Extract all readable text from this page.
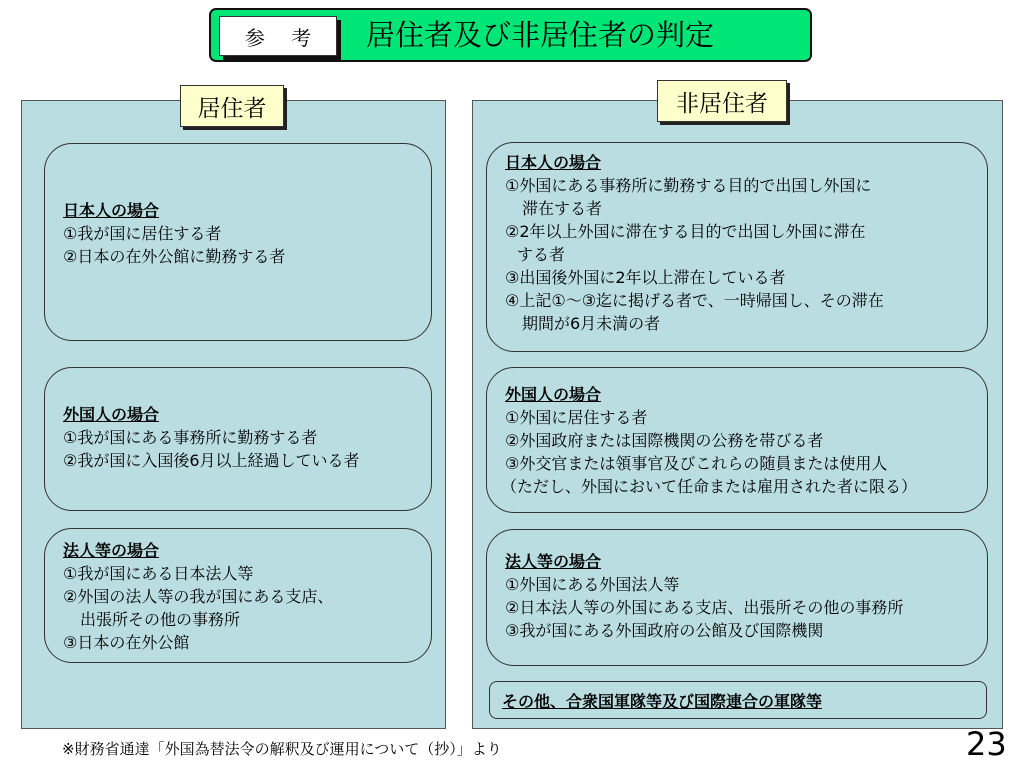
参 考	居住者及び非居住者の判定
居住者
日本人の場合
①我が国に居住する者
②日本の在外公館に勤務する者
外国人の場合
①我が国にある事務所に勤務する者
②我が国に入国後6月以上経過している者
法人等の場合
①我が国にある日本法人等
②外国の法人等の我が国にある支店、
出張所その他の事務所
③日本の在外公館
非居住者
日本人の場合
①外国にある事務所に勤務する目的で出国し外国に
滞在する者
②2年以上外国に滞在する目的で出国し外国に滞在
する者
③出国後外国に2年以上滞在している者
④上記①～③迄に掲げる者で、一時帰国し、その滞在
期間が6月未満の者
外国人の場合
①外国に居住する者
②外国政府または国際機関の公務を帯びる者
③外交官または領事官及びこれらの随員または使用人
（ただし、外国において任命または雇用された者に限る）
法人等の場合
①外国にある外国法人等
②日本法人等の外国にある支店、出張所その他の事務所
③我が国にある外国政府の公館及び国際機関
その他、合衆国軍隊等及び国際連合の軍隊等
※財務省通達「外国為替法令の解釈及び運用について（抄）」より	23
